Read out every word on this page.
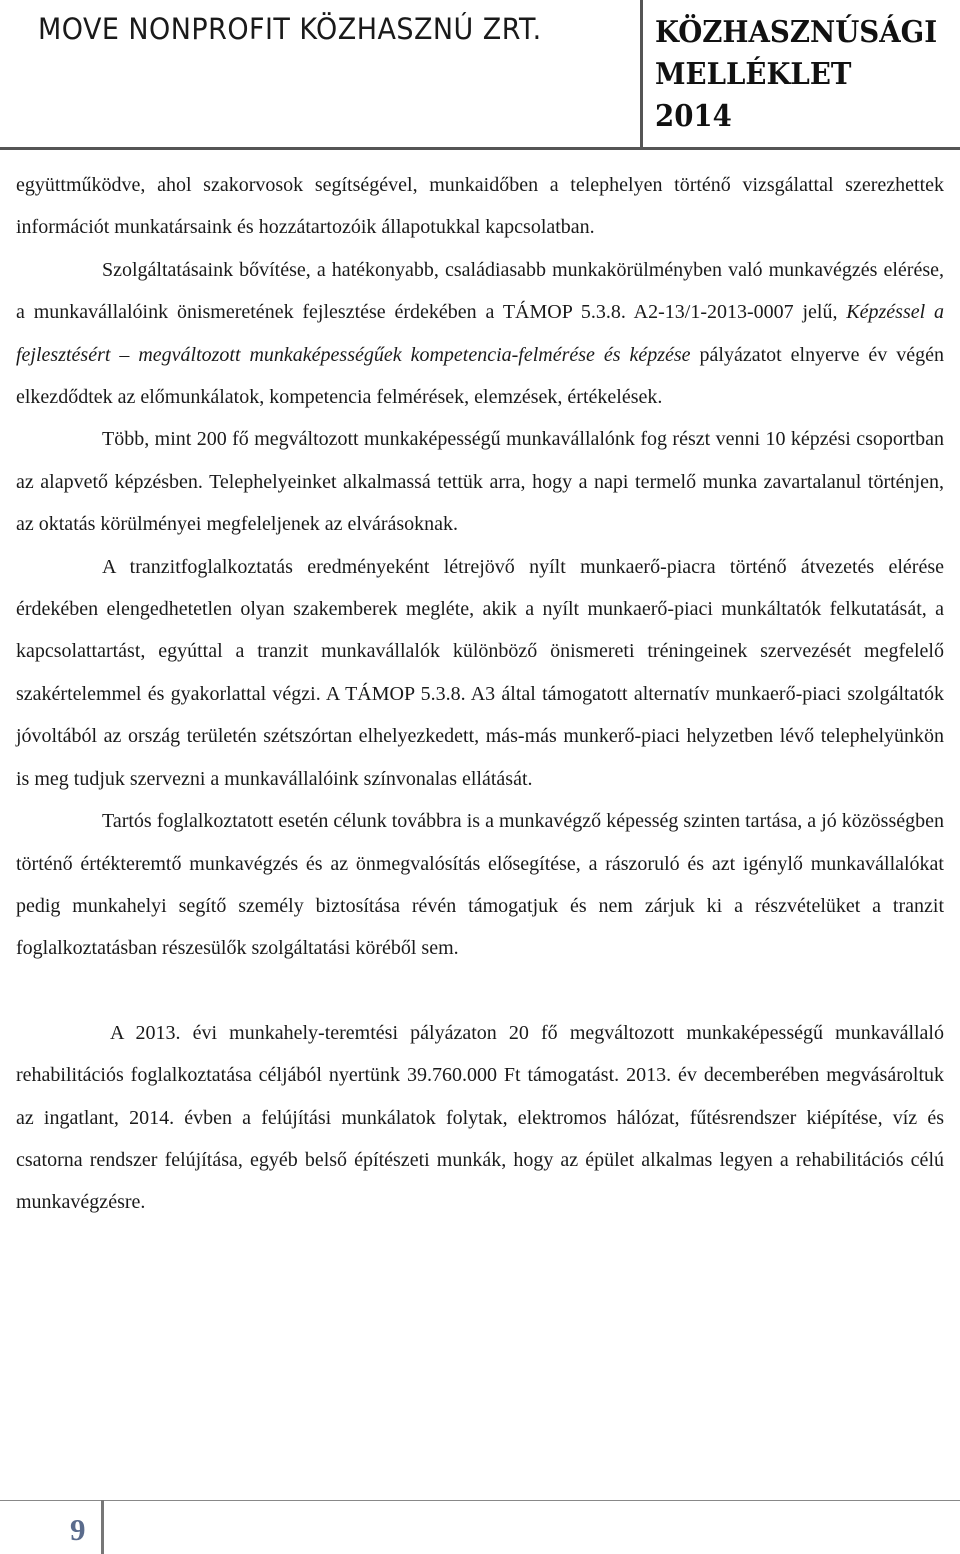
MOVE NONPROFIT KÖZHASZNÚ ZRT.	KÖZHASZNÚSÁGI
MELLÉKLET
2014

együttműködve, ahol szakorvosok segítségével, munkaidőben a telephelyen történő vizsgálattal szerezhettek információt munkatársaink és hozzátartozóik állapotukkal kapcsolatban.

Szolgáltatásaink bővítése, a hatékonyabb, családiasabb munkakörülményben való munkavégzés elérése, a munkavállalóink önismeretének fejlesztése érdekében a TÁMOP 5.3.8. A2-13/1-2013-0007 jelű, Képzéssel a fejlesztésért – megváltozott munkaképességűek kompetencia-felmérése és képzése pályázatot elnyerve év végén elkezdődtek az előmunkálatok, kompetencia felmérések, elemzések, értékelések.

Több, mint 200 fő megváltozott munkaképességű munkavállalónk fog részt venni 10 képzési csoportban az alapvető képzésben. Telephelyeinket alkalmassá tettük arra, hogy a napi termelő munka zavartalanul történjen, az oktatás körülményei megfeleljenek az elvárásoknak.

A tranzitfoglalkoztatás eredményeként létrejövő nyílt munkaerő-piacra történő átvezetés elérése érdekében elengedhetetlen olyan szakemberek megléte, akik a nyílt munkaerő-piaci munkáltatók felkutatását, a kapcsolattartást, egyúttal a tranzit munkavállalók különböző önismereti tréningeinek szervezését megfelelő szakértelemmel és gyakorlattal végzi. A TÁMOP 5.3.8. A3 által támogatott alternatív munkaerő-piaci szolgáltatók jóvoltából az ország területén szétszórtan elhelyezkedett, más-más munkerő-piaci helyzetben lévő telephelyünkön is meg tudjuk szervezni a munkavállalóink színvonalas ellátását.

Tartós foglalkoztatott esetén célunk továbbra is a munkavégző képesség szinten tartása, a jó közösségben történő értékteremtő munkavégzés és az önmegvalósítás elősegítése, a rászoruló és azt igénylő munkavállalókat pedig munkahelyi segítő személy biztosítása révén támogatjuk és nem zárjuk ki a részvételüket a tranzit foglalkoztatásban részesülők szolgáltatási köréből sem.

A 2013. évi munkahely-teremtési pályázaton 20 fő megváltozott munkaképességű munkavállaló rehabilitációs foglalkoztatása céljából nyertünk 39.760.000 Ft támogatást. 2013. év decemberében megvásároltuk az ingatlant, 2014. évben a felújítási munkálatok folytak, elektromos hálózat, fűtésrendszer kiépítése, víz és csatorna rendszer felújítása, egyéb belső építészeti munkák, hogy az épület alkalmas legyen a rehabilitációs célú munkavégzésre.

9
